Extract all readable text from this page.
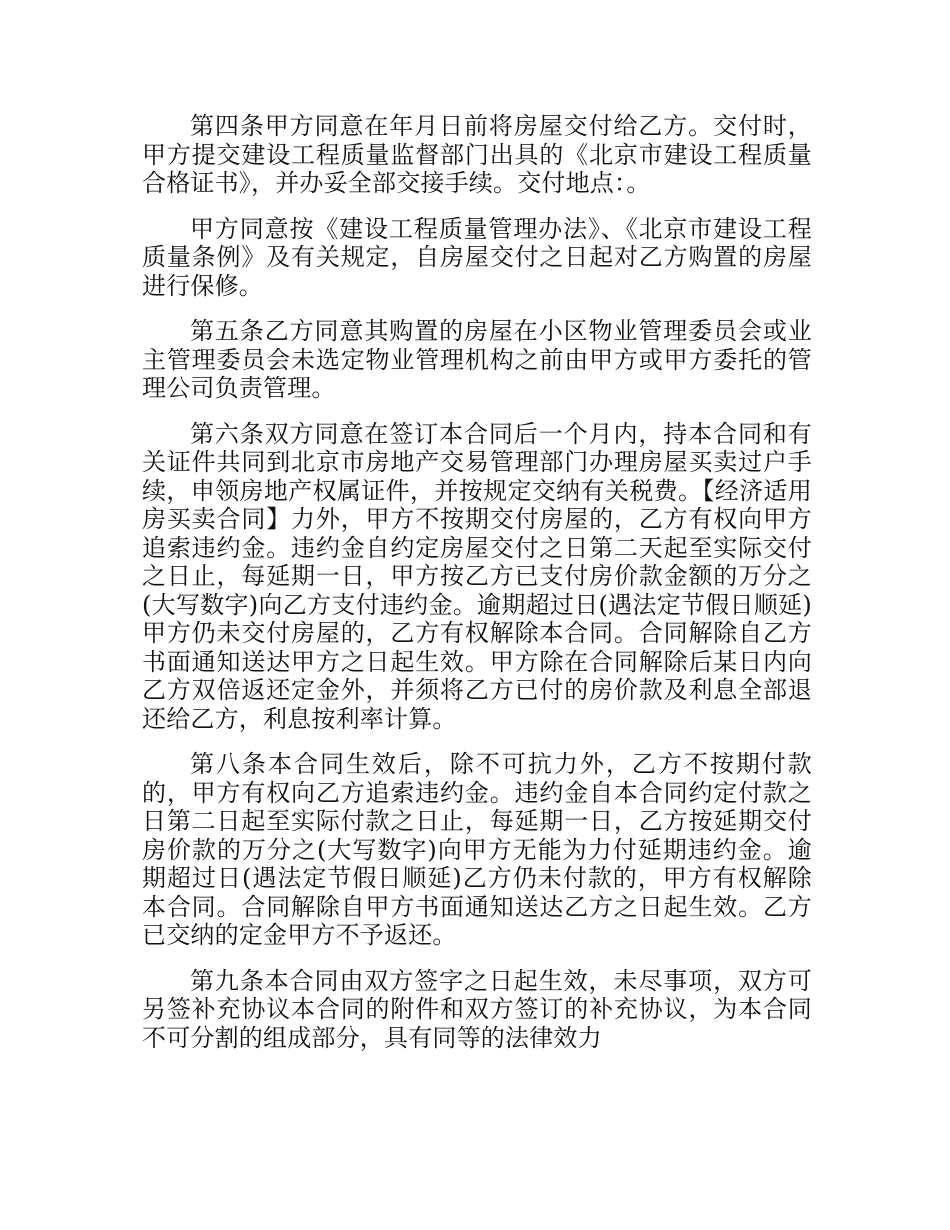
第四条甲方同意在年月日前将房屋交付给乙方。交付时，甲方提交建设工程质量监督部门出具的《北京市建设工程质量合格证书》，并办妥全部交接手续。交付地点：。

甲方同意按《建设工程质量管理办法》、《北京市建设工程质量条例》及有关规定，自房屋交付之日起对乙方购置的房屋进行保修。

第五条乙方同意其购置的房屋在小区物业管理委员会或业主管理委员会未选定物业管理机构之前由甲方或甲方委托的管理公司负责管理。

第六条双方同意在签订本合同后一个月内，持本合同和有关证件共同到北京市房地产交易管理部门办理房屋买卖过户手续，申领房地产权属证件，并按规定交纳有关税费。【经济适用房买卖合同】力外，甲方不按期交付房屋的，乙方有权向甲方追索违约金。违约金自约定房屋交付之日第二天起至实际交付之日止，每延期一日，甲方按乙方已支付房价款金额的万分之(大写数字)向乙方支付违约金。逾期超过日(遇法定节假日顺延)甲方仍未交付房屋的，乙方有权解除本合同。合同解除自乙方书面通知送达甲方之日起生效。甲方除在合同解除后某日内向乙方双倍返还定金外，并须将乙方已付的房价款及利息全部退还给乙方，利息按利率计算。

第八条本合同生效后，除不可抗力外，乙方不按期付款的，甲方有权向乙方追索违约金。违约金自本合同约定付款之日第二日起至实际付款之日止，每延期一日，乙方按延期交付房价款的万分之(大写数字)向甲方无能为力付延期违约金。逾期超过日(遇法定节假日顺延)乙方仍未付款的，甲方有权解除本合同。合同解除自甲方书面通知送达乙方之日起生效。乙方已交纳的定金甲方不予返还。

第九条本合同由双方签字之日起生效，未尽事项，双方可另签补充协议本合同的附件和双方签订的补充协议，为本合同不可分割的组成部分，具有同等的法律效力
